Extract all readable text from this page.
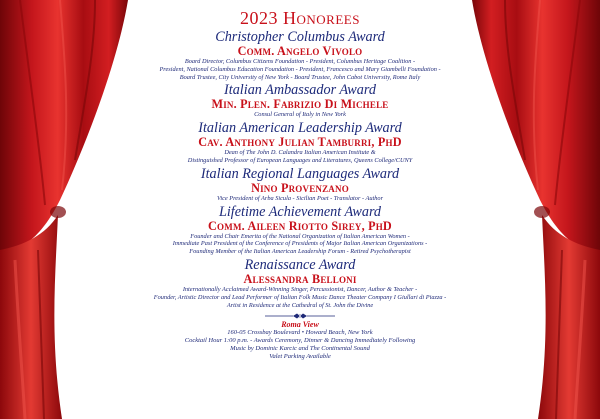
2023 Honorees
Christopher Columbus Award
Comm. Angelo Vivolo
Board Director, Columbus Citizens Foundation - President, Columbus Heritage Coalition -
President, National Columbus Education Foundation - President, Francesco and Mary Giambelli Foundation -
Board Trustee, City University of New York - Board Trustee, John Cabot University, Rome Italy
Italian Ambassador Award
Min. Plen. Fabrizio Di Michele
Consul General of Italy in New York
Italian American Leadership Award
Cav. Anthony Julian Tamburri, PhD
Dean of The John D. Calandra Italian American Institute &
Distinguished Professor of European Languages and Literatures, Queens College/CUNY
Italian Regional Languages Award
Nino Provenzano
Vice President of Arba Sicula - Sicilian Poet - Translator - Author
Lifetime Achievement Award
Comm. Aileen Riotto Sirey, PhD
Founder and Chair Emerita of the National Organization of Italian American Women -
Immediate Past President of the Conference of Presidents of Major Italian American Organizations -
Founding Member of the Italian American Leadership Forum - Retired Psychotherapist
Renaissance Award
Alessandra Belloni
Internationally Acclaimed Award-Winning Singer, Percussionist, Dancer, Author & Teacher -
Founder, Artistic Director and Lead Performer of Italian Folk Music Dance Theater Company I Giullari di Piazza -
Artist in Residence at the Cathedral of St. John the Divine
Roma View
160-05 Crossbay Boulevard • Howard Beach, New York
Cocktail Hour 1:00 p.m. - Awards Ceremony, Dinner & Dancing Immediately Following
Music by Dominic Karcic and The Continental Sound
Valet Parking Available
